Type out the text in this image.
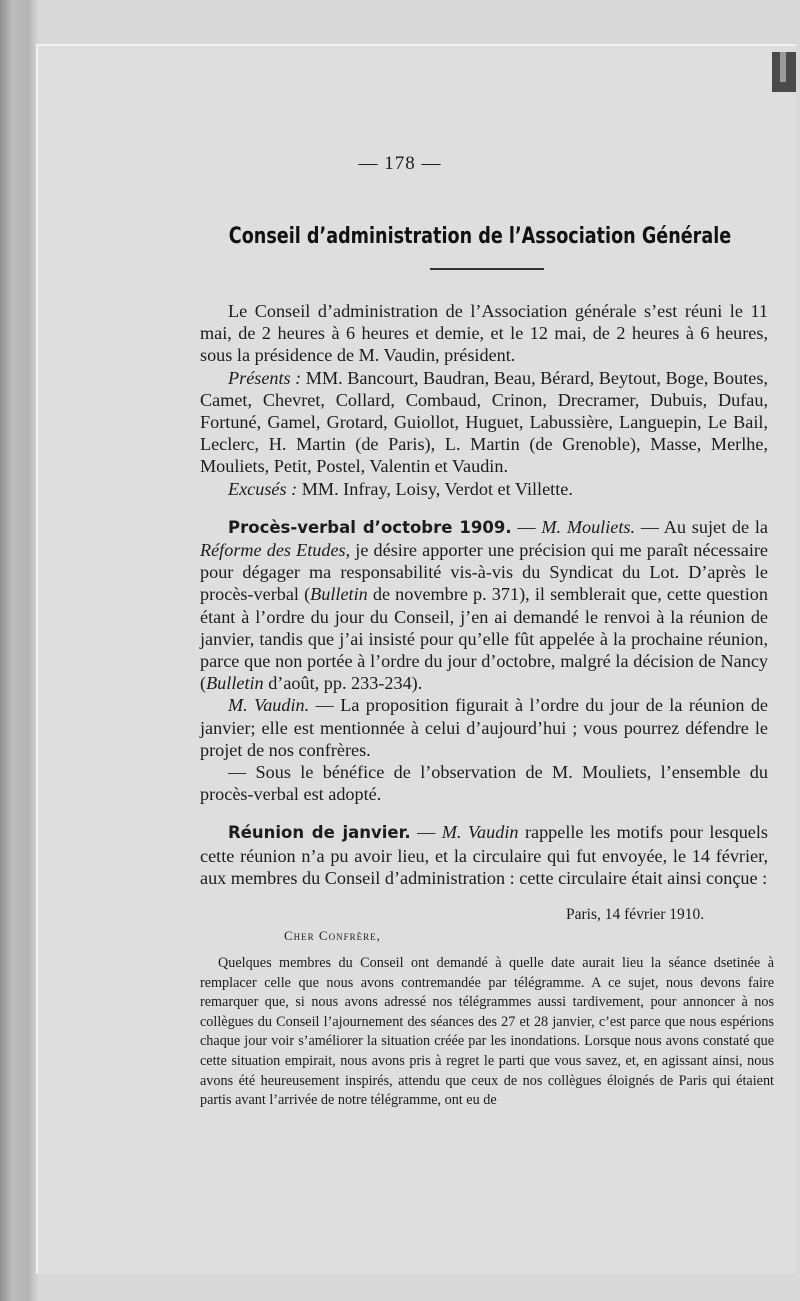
— 178 —
Conseil d’administration de l’Association Générale

Le Conseil d’administration de l’Association générale s’est réuni le 11 mai, de 2 heures à 6 heures et demie, et le 12 mai, de 2 heures à 6 heures, sous la présidence de M. Vaudin, président.

Présents : MM. Bancourt, Baudran, Beau, Bérard, Beytout, Boge, Boutes, Camet, Chevret, Collard, Combaud, Crinon, Drecramer, Dubuis, Dufau, Fortuné, Gamel, Grotard, Guiollot, Huguet, Labussière, Languepin, Le Bail, Leclerc, H. Martin (de Paris), L. Martin (de Grenoble), Masse, Merlhe, Mouliets, Petit, Postel, Valentin et Vaudin.

Excusés : MM. Infray, Loisy, Verdot et Villette.

Procès-verbal d’octobre 1909. — M. Mouliets. — Au sujet de la Réforme des Etudes, je désire apporter une précision qui me paraît nécessaire pour dégager ma responsabilité vis-à-vis du Syndicat du Lot. D’après le procès-verbal (Bulletin de novembre p. 371), il semblerait que, cette question étant à l’ordre du jour du Conseil, j’en ai demandé le renvoi à la réunion de janvier, tandis que j’ai insisté pour qu’elle fût appelée à la prochaine réunion, parce que non portée à l’ordre du jour d’octobre, malgré la décision de Nancy (Bulletin d’août, pp. 233-234).

M. Vaudin. — La proposition figurait à l’ordre du jour de la réunion de janvier; elle est mentionnée à celui d’aujourd’hui ; vous pourrez défendre le projet de nos confrères.

— Sous le bénéfice de l’observation de M. Mouliets, l’ensemble du procès-verbal est adopté.

Réunion de janvier. — M. Vaudin rappelle les motifs pour lesquels cette réunion n’a pu avoir lieu, et la circulaire qui fut envoyée, le 14 février, aux membres du Conseil d’administration : cette circulaire était ainsi conçue :

Paris, 14 février 1910.
Cher Confrère,

Quelques membres du Conseil ont demandé à quelle date aurait lieu la séance dsetinée à remplacer celle que nous avons contremandée par télégramme. A ce sujet, nous devons faire remarquer que, si nous avons adressé nos télégrammes aussi tardivement, pour annoncer à nos collègues du Conseil l’ajournement des séances des 27 et 28 janvier, c’est parce que nous espérions chaque jour voir s’améliorer la situation créée par les inondations. Lorsque nous avons constaté que cette situation empirait, nous avons pris à regret le parti que vous savez, et, en agissant ainsi, nous avons été heureusement inspirés, attendu que ceux de nos collègues éloignés de Paris qui étaient partis avant l’arrivée de notre télégramme, ont eu de
